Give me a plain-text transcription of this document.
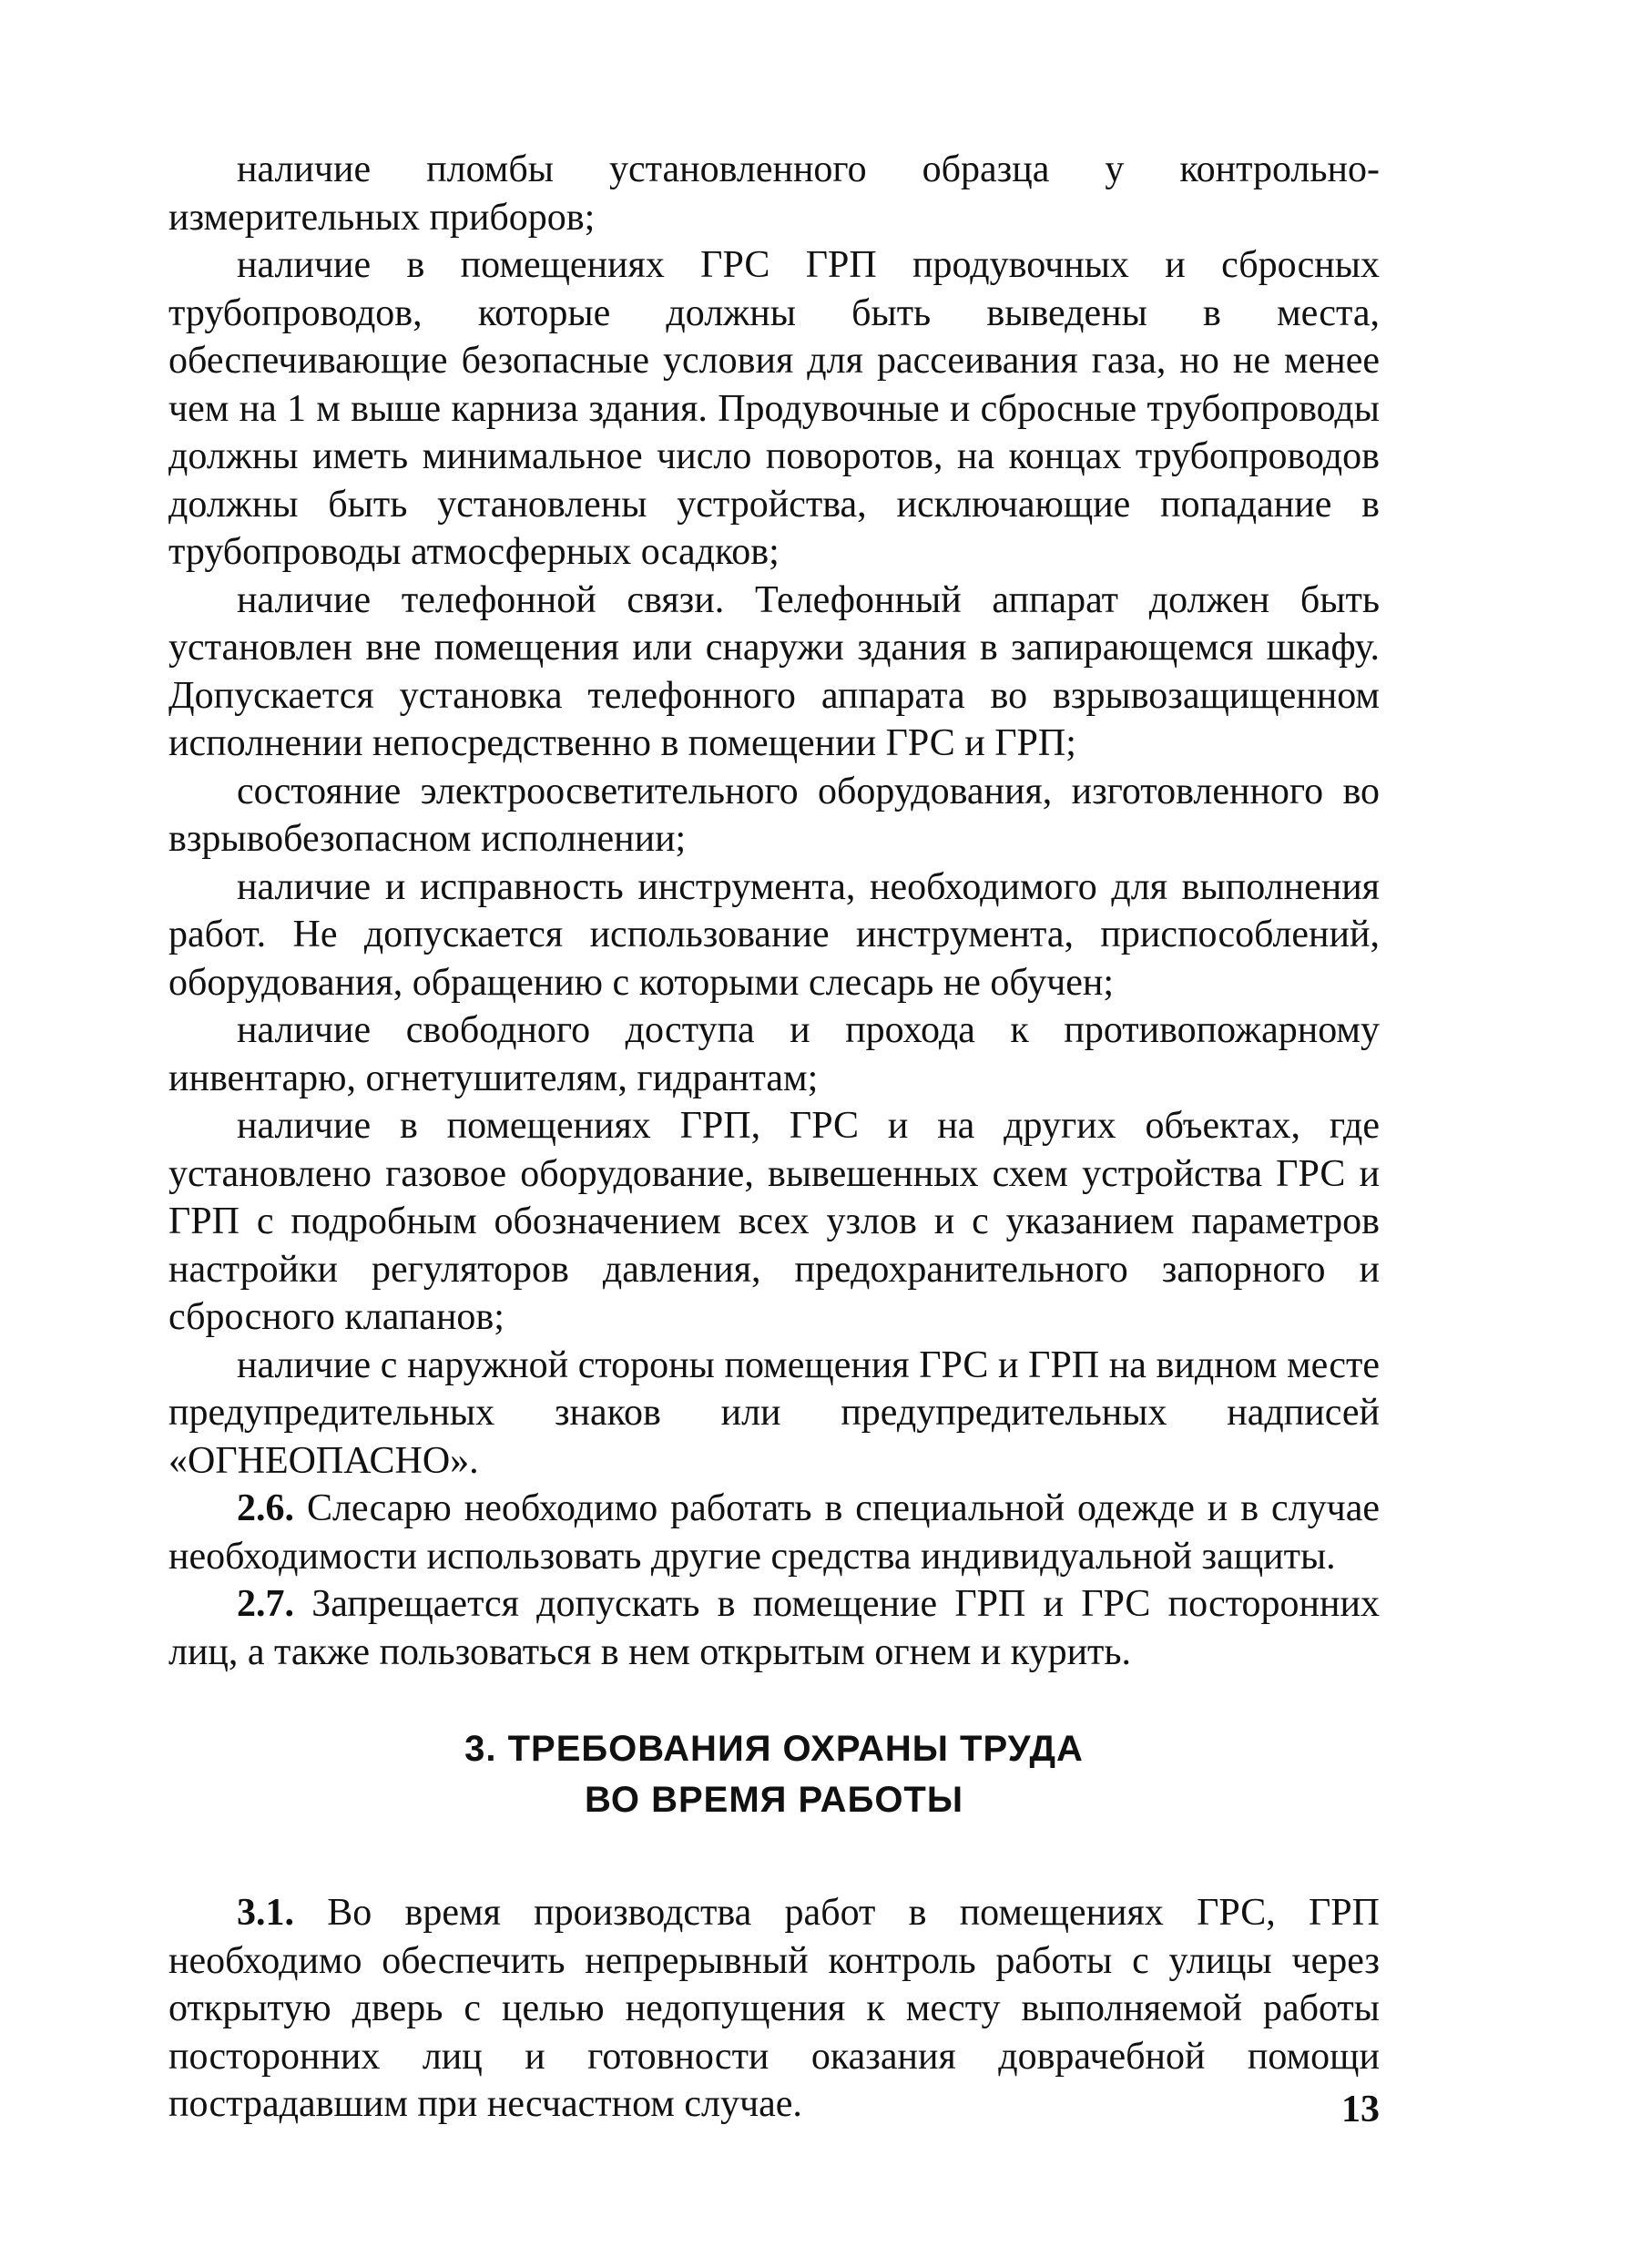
наличие пломбы установленного образца у контрольно-измерительных приборов;

наличие в помещениях ГРС ГРП продувочных и сбросных трубопроводов, которые должны быть выведены в места, обеспечивающие безопасные условия для рассеивания газа, но не менее чем на 1 м выше карниза здания. Продувочные и сбросные трубопроводы должны иметь минимальное число поворотов, на концах трубопроводов должны быть установлены устройства, исключающие попадание в трубопроводы атмосферных осадков;

наличие телефонной связи. Телефонный аппарат должен быть установлен вне помещения или снаружи здания в запирающемся шкафу. Допускается установка телефонного аппарата во взрывозащищенном исполнении непосредственно в помещении ГРС и ГРП;

состояние электроосветительного оборудования, изготовленного во взрывобезопасном исполнении;

наличие и исправность инструмента, необходимого для выполнения работ. Не допускается использование инструмента, приспособлений, оборудования, обращению с которыми слесарь не обучен;

наличие свободного доступа и прохода к противопожарному инвентарю, огнетушителям, гидрантам;

наличие в помещениях ГРП, ГРС и на других объектах, где установлено газовое оборудование, вывешенных схем устройства ГРС и ГРП с подробным обозначением всех узлов и с указанием параметров настройки регуляторов давления, предохранительного запорного и сбросного клапанов;

наличие с наружной стороны помещения ГРС и ГРП на видном месте предупредительных знаков или предупредительных надписей «ОГНЕОПАСНО».

2.6. Слесарю необходимо работать в специальной одежде и в случае необходимости использовать другие средства индивидуальной защиты.

2.7. Запрещается допускать в помещение ГРП и ГРС посторонних лиц, а также пользоваться в нем открытым огнем и курить.

3. ТРЕБОВАНИЯ ОХРАНЫ ТРУДА
ВО ВРЕМЯ РАБОТЫ

3.1. Во время производства работ в помещениях ГРС, ГРП необходимо обеспечить непрерывный контроль работы с улицы через открытую дверь с целью недопущения к месту выполняемой работы посторонних лиц и готовности оказания доврачебной помощи пострадавшим при несчастном случае.	13
